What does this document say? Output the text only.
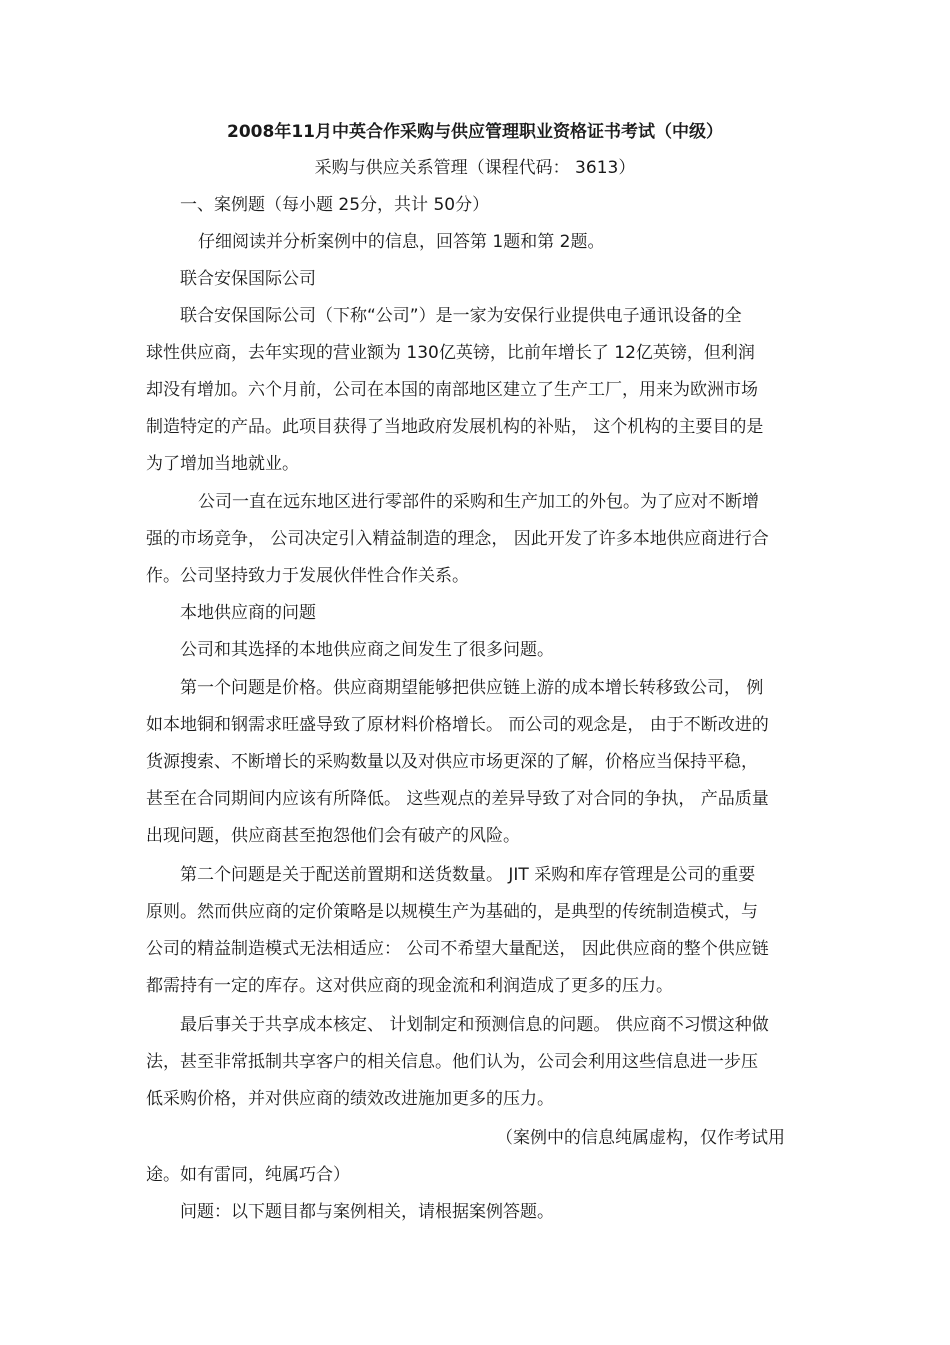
2008年11月中英合作采购与供应管理职业资格证书考试（中级）
采购与供应关系管理（课程代码： 3613）
一、案例题（每小题 25分，共计 50分）
仔细阅读并分析案例中的信息，回答第 1题和第 2题。
联合安保国际公司
联合安保国际公司（下称“公司”）是一家为安保行业提供电子通讯设备的全
球性供应商，去年实现的营业额为 130亿英镑，比前年增长了 12亿英镑，但利润
却没有增加。六个月前，公司在本国的南部地区建立了生产工厂，用来为欧洲市场
制造特定的产品。此项目获得了当地政府发展机构的补贴， 这个机构的主要目的是
为了增加当地就业。
公司一直在远东地区进行零部件的采购和生产加工的外包。为了应对不断增
强的市场竞争， 公司决定引入精益制造的理念， 因此开发了许多本地供应商进行合
作。公司坚持致力于发展伙伴性合作关系。
本地供应商的问题
公司和其选择的本地供应商之间发生了很多问题。
第一个问题是价格。供应商期望能够把供应链上游的成本增长转移致公司， 例
如本地铜和钢需求旺盛导致了原材料价格增长。 而公司的观念是， 由于不断改进的
货源搜索、不断增长的采购数量以及对供应市场更深的了解，价格应当保持平稳，
甚至在合同期间内应该有所降低。 这些观点的差异导致了对合同的争执， 产品质量
出现问题，供应商甚至抱怨他们会有破产的风险。
第二个问题是关于配送前置期和送货数量。 JIT 采购和库存管理是公司的重要
原则。然而供应商的定价策略是以规模生产为基础的，是典型的传统制造模式，与
公司的精益制造模式无法相适应： 公司不希望大量配送， 因此供应商的整个供应链
都需持有一定的库存。这对供应商的现金流和利润造成了更多的压力。
最后事关于共享成本核定、 计划制定和预测信息的问题。 供应商不习惯这种做
法，甚至非常抵制共享客户的相关信息。他们认为，公司会利用这些信息进一步压
低采购价格，并对供应商的绩效改进施加更多的压力。
（案例中的信息纯属虚构，仅作考试用
途。如有雷同，纯属巧合）
问题：以下题目都与案例相关，请根据案例答题。
